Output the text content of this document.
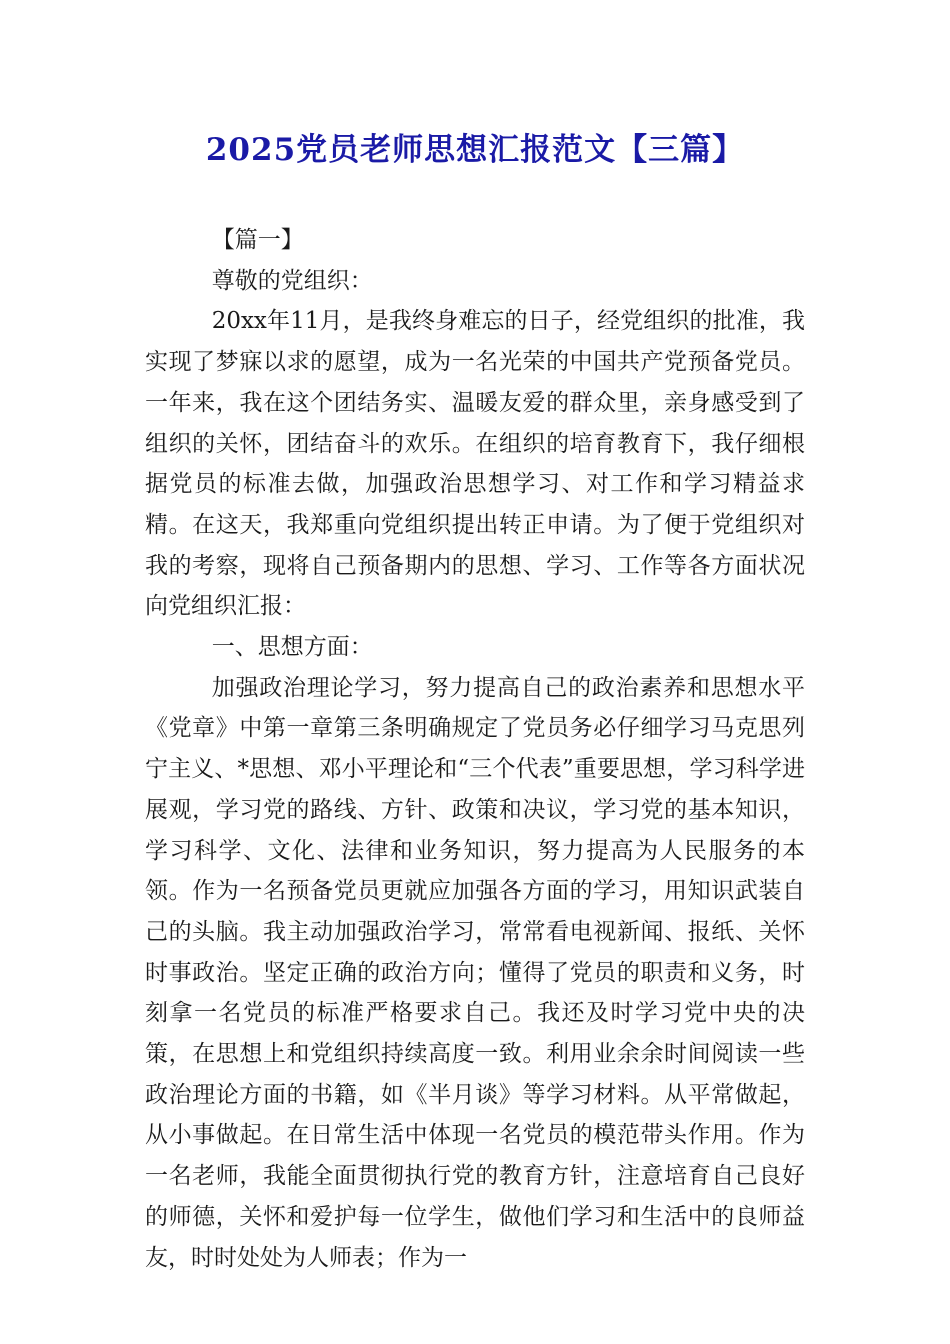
2025党员老师思想汇报范文【三篇】

【篇一】

尊敬的党组织：

20xx年11月，是我终身难忘的日子，经党组织的批准，我实现了梦寐以求的愿望，成为一名光荣的中国共产党预备党员。一年来，我在这个团结务实、温暖友爱的群众里，亲身感受到了组织的关怀，团结奋斗的欢乐。在组织的培育教育下，我仔细根据党员的标准去做，加强政治思想学习、对工作和学习精益求精。在这天，我郑重向党组织提出转正申请。为了便于党组织对我的考察，现将自己预备期内的思想、学习、工作等各方面状况向党组织汇报：

一、思想方面：

加强政治理论学习，努力提高自己的政治素养和思想水平《党章》中第一章第三条明确规定了党员务必仔细学习马克思列宁主义、*思想、邓小平理论和“三个代表”重要思想，学习科学进展观，学习党的路线、方针、政策和决议，学习党的基本知识，学习科学、文化、法律和业务知识，努力提高为人民服务的本领。作为一名预备党员更就应加强各方面的学习，用知识武装自己的头脑。我主动加强政治学习，常常看电视新闻、报纸、关怀时事政治。坚定正确的政治方向；懂得了党员的职责和义务，时刻拿一名党员的标准严格要求自己。我还及时学习党中央的决策，在思想上和党组织持续高度一致。利用业余余时间阅读一些政治理论方面的书籍，如《半月谈》等学习材料。从平常做起，从小事做起。在日常生活中体现一名党员的模范带头作用。作为一名老师，我能全面贯彻执行党的教育方针，注意培育自己良好的师德，关怀和爱护每一位学生，做他们学习和生活中的良师益友，时时处处为人师表；作为一
